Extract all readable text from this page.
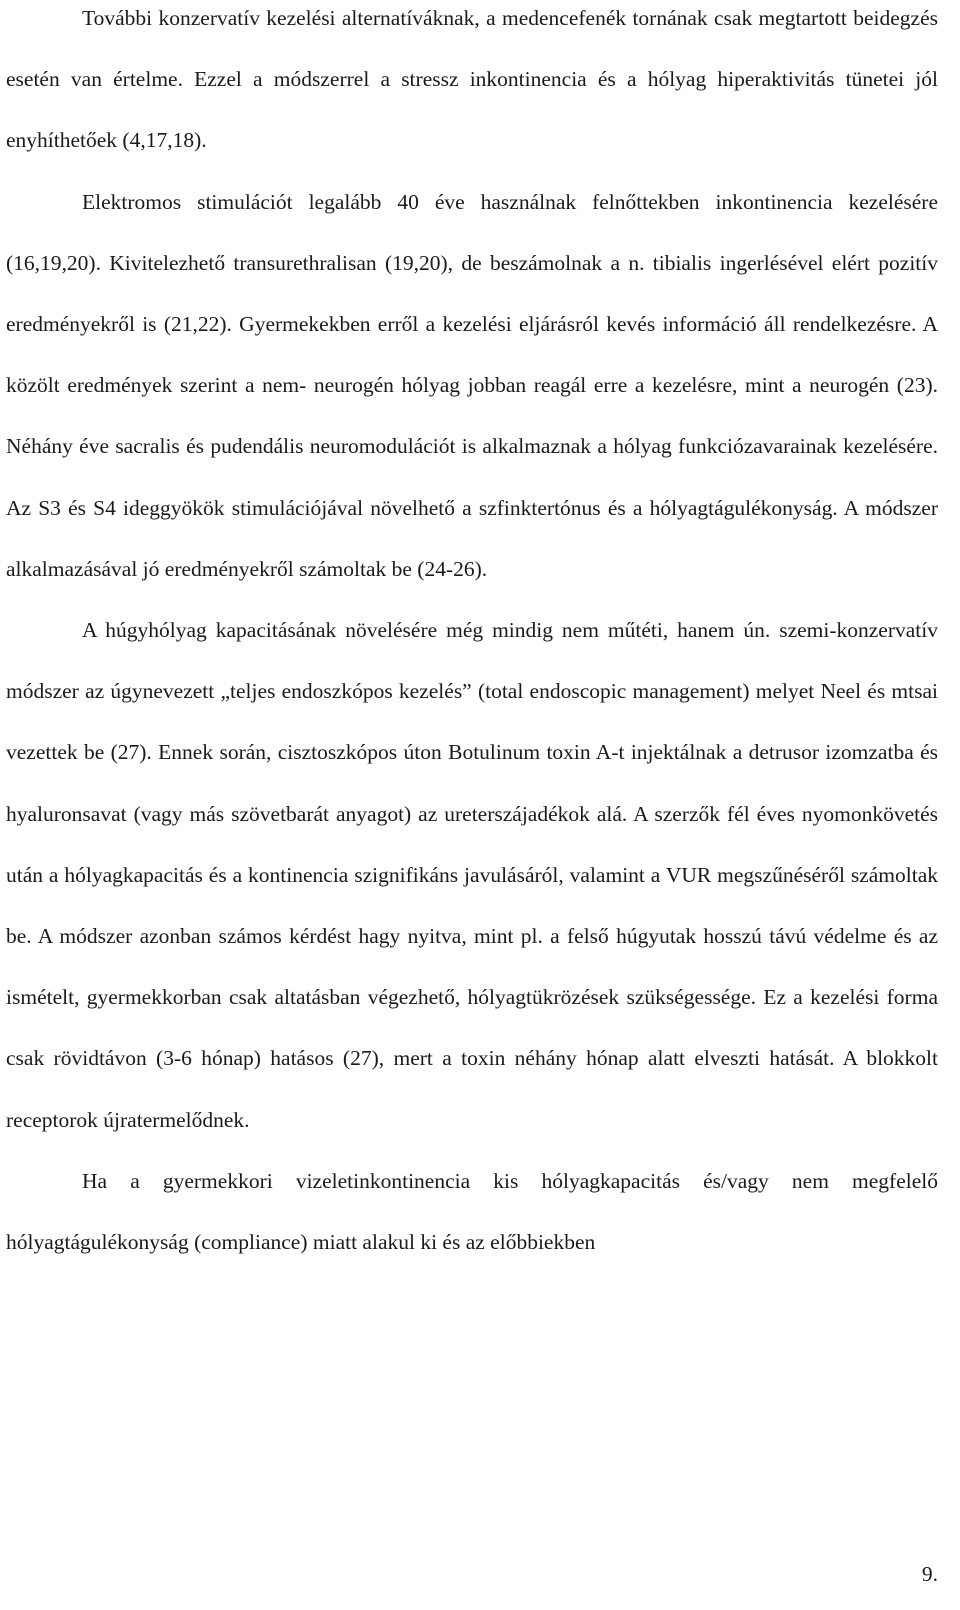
További konzervatív kezelési alternatíváknak, a medencefenék tornának csak megtartott beidegzés esetén van értelme. Ezzel a módszerrel a stressz inkontinencia és a hólyag hiperaktivitás tünetei jól enyhíthetőek (4,17,18).

Elektromos stimulációt legalább 40 éve használnak felnőttekben inkontinencia kezelésére (16,19,20). Kivitelezhető transurethralisan (19,20), de beszámolnak a n. tibialis ingerlésével elért pozitív eredményekről is (21,22). Gyermekekben erről a kezelési eljárásról kevés információ áll rendelkezésre. A közölt eredmények szerint a nem- neurogén hólyag jobban reagál erre a kezelésre, mint a neurogén (23). Néhány éve sacralis és pudendális neuromodulációt is alkalmaznak a hólyag funkciózavarainak kezelésére. Az S3 és S4 ideggyökök stimulációjával növelhető a szfinktertónus és a hólyagtágulékonyság. A módszer alkalmazásával jó eredményekről számoltak be (24-26).

A húgyhólyag kapacitásának növelésére még mindig nem műtéti, hanem ún. szemi-konzervatív módszer az úgynevezett „teljes endoszkópos kezelés” (total endoscopic management) melyet Neel és mtsai vezettek be (27). Ennek során, cisztoszkópos úton Botulinum toxin A-t injektálnak a detrusor izomzatba és hyaluronsavat (vagy más szövetbarát anyagot) az ureterszájadékok alá. A szerzők fél éves nyomonkövetés után a hólyagkapacitás és a kontinencia szignifikáns javulásáról, valamint a VUR megszűnéséről számoltak be. A módszer azonban számos kérdést hagy nyitva, mint pl. a felső húgyutak hosszú távú védelme és az ismételt, gyermekkorban csak altatásban végezhető, hólyagtükrözések szükségessége. Ez a kezelési forma csak rövidtávon (3-6 hónap) hatásos (27), mert a toxin néhány hónap alatt elveszti hatását. A blokkolt receptorok újratermelődnek.

Ha a gyermekkori vizeletinkontinencia kis hólyagkapacitás és/vagy nem megfelelő hólyagtágulékonyság (compliance) miatt alakul ki és az előbbiekben

9.
